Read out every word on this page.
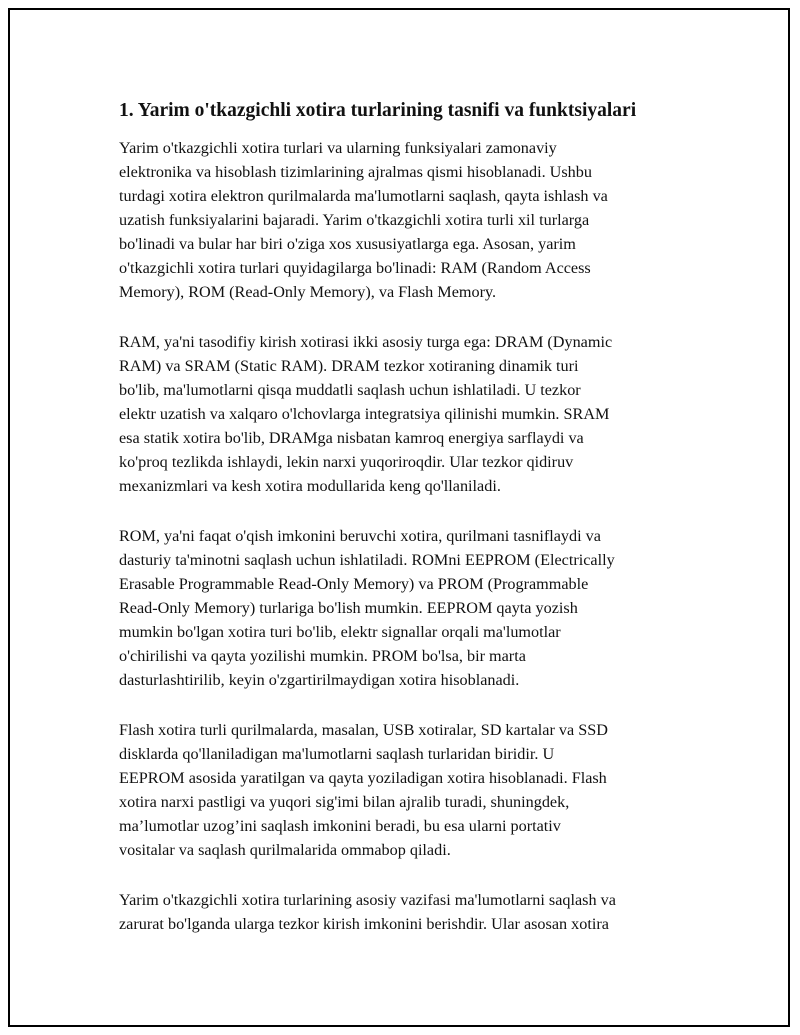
1. Yarim o'tkazgichli xotira turlarining tasnifi va funktsiyalari

Yarim o'tkazgichli xotira turlari va ularning funksiyalari zamonaviy
elektronika va hisoblash tizimlarining ajralmas qismi hisoblanadi. Ushbu
turdagi xotira elektron qurilmalarda ma'lumotlarni saqlash, qayta ishlash va
uzatish funksiyalarini bajaradi. Yarim o'tkazgichli xotira turli xil turlarga
bo'linadi va bular har biri o'ziga xos xususiyatlarga ega. Asosan, yarim
o'tkazgichli xotira turlari quyidagilarga bo'linadi: RAM (Random Access
Memory), ROM (Read-Only Memory), va Flash Memory.

RAM, ya'ni tasodifiy kirish xotirasi ikki asosiy turga ega: DRAM (Dynamic
RAM) va SRAM (Static RAM). DRAM tezkor xotiraning dinamik turi
bo'lib, ma'lumotlarni qisqa muddatli saqlash uchun ishlatiladi. U tezkor
elektr uzatish va xalqaro o'lchovlarga integratsiya qilinishi mumkin. SRAM
esa statik xotira bo'lib, DRAMga nisbatan kamroq energiya sarflaydi va
ko'proq tezlikda ishlaydi, lekin narxi yuqoriroqdir. Ular tezkor qidiruv
mexanizmlari va kesh xotira modullarida keng qo'llaniladi.

ROM, ya'ni faqat o'qish imkonini beruvchi xotira, qurilmani tasniflaydi va
dasturiy ta'minotni saqlash uchun ishlatiladi. ROMni EEPROM (Electrically
Erasable Programmable Read-Only Memory) va PROM (Programmable
Read-Only Memory) turlariga bo'lish mumkin. EEPROM qayta yozish
mumkin bo'lgan xotira turi bo'lib, elektr signallar orqali ma'lumotlar
o'chirilishi va qayta yozilishi mumkin. PROM bo'lsa, bir marta
dasturlashtirilib, keyin o'zgartirilmaydigan xotira hisoblanadi.

Flash xotira turli qurilmalarda, masalan, USB xotiralar, SD kartalar va SSD
disklarda qo'llaniladigan ma'lumotlarni saqlash turlaridan biridir. U
EEPROM asosida yaratilgan va qayta yoziladigan xotira hisoblanadi. Flash
xotira narxi pastligi va yuqori sig'imi bilan ajralib turadi, shuningdek,
ma’lumotlar uzog’ini saqlash imkonini beradi, bu esa ularni portativ
vositalar va saqlash qurilmalarida ommabop qiladi.

Yarim o'tkazgichli xotira turlarining asosiy vazifasi ma'lumotlarni saqlash va
zarurat bo'lganda ularga tezkor kirish imkonini berishdir. Ular asosan xotira
